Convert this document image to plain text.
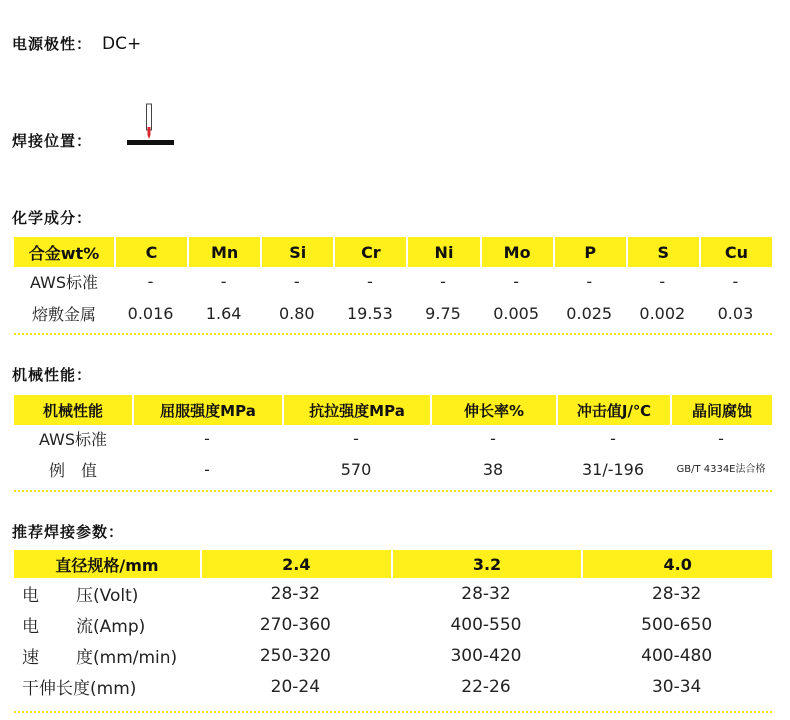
电源极性： DC+
焊接位置：
化学成分：
合金wt%	C	Mn	Si	Cr	Ni	Mo	P	S	Cu
AWS标准	-	-	-	-	-	-	-	-	-
熔敷金属	0.016	1.64	0.80	19.53	9.75	0.005	0.025	0.002	0.03
机械性能：
机械性能	屈服强度MPa	抗拉强度MPa	伸长率%	冲击值J/℃	晶间腐蚀
AWS标准	-	-	-	-	-
例　值	-	570	38	31/-196	GB/T 4334E法合格
推荐焊接参数：
直径规格/mm	2.4	3.2	4.0
电 压(Volt)	28-32	28-32	28-32
电 流(Amp)	270-360	400-550	500-650
速 度(mm/min)	250-320	300-420	400-480
干伸长度(mm)	20-24	22-26	30-34
